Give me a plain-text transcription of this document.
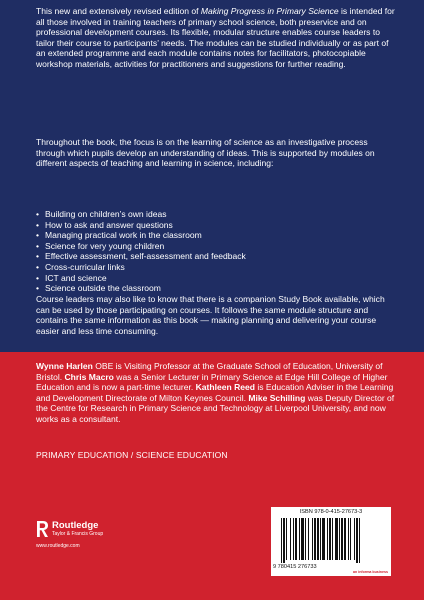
This new and extensively revised edition of Making Progress in Primary Science is intended for all those involved in training teachers of primary school science, both preservice and on professional development courses. Its flexible, modular structure enables course leaders to tailor their course to participants’ needs. The modules can be studied individually or as part of an extended programme and each module contains notes for facilitators, photocopiable workshop materials, activities for practitioners and suggestions for further reading.

Throughout the book, the focus is on the learning of science as an investigative process through which pupils develop an understanding of ideas. This is supported by modules on different aspects of teaching and learning in science, including:

• Building on children’s own ideas
• How to ask and answer questions
• Managing practical work in the classroom
• Science for very young children
• Effective assessment, self-assessment and feedback
• Cross-curricular links
• ICT and science
• Science outside the classroom

Course leaders may also like to know that there is a companion Study Book available, which can be used by those participating on courses. It follows the same module structure and contains the same information as this book — making planning and delivering your course easier and less time consuming.

Wynne Harlen OBE is Visiting Professor at the Graduate School of Education, University of Bristol. Chris Macro was a Senior Lecturer in Primary Science at Edge Hill College of Higher Education and is now a part-time lecturer. Kathleen Reed is Education Adviser in the Learning and Development Directorate of Milton Keynes Council. Mike Schilling was Deputy Director of the Centre for Research in Primary Science and Technology at Liverpool University, and now works as a consultant.

PRIMARY EDUCATION / SCIENCE EDUCATION

Routledge
Taylor & Francis Group
www.routledge.com
ISBN 978-0-415-27673-3
9 780415 276733
an informa business
